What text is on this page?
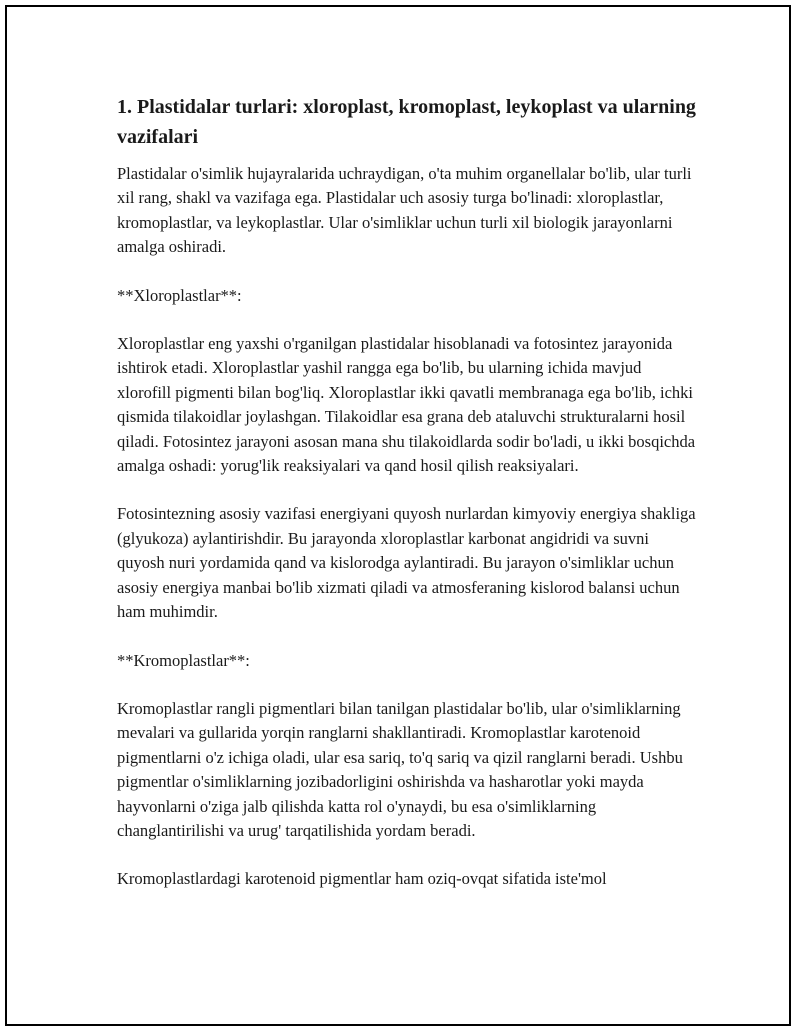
1. Plastidalar turlari: xloroplast, kromoplast, leykoplast va ularning vazifalari

Plastidalar o'simlik hujayralarida uchraydigan, o'ta muhim organellalar bo'lib, ular turli xil rang, shakl va vazifaga ega. Plastidalar uch asosiy turga bo'linadi: xloroplastlar, kromoplastlar, va leykoplastlar. Ular o'simliklar uchun turli xil biologik jarayonlarni amalga oshiradi.

**Xloroplastlar**:

Xloroplastlar eng yaxshi o'rganilgan plastidalar hisoblanadi va fotosintez jarayonida ishtirok etadi. Xloroplastlar yashil rangga ega bo'lib, bu ularning ichida mavjud xlorofill pigmenti bilan bog'liq. Xloroplastlar ikki qavatli membranaga ega bo'lib, ichki qismida tilakoidlar joylashgan. Tilakoidlar esa grana deb ataluvchi strukturalarni hosil qiladi. Fotosintez jarayoni asosan mana shu tilakoidlarda sodir bo'ladi, u ikki bosqichda amalga oshadi: yorug'lik reaksiyalari va qand hosil qilish reaksiyalari.

Fotosintezning asosiy vazifasi energiyani quyosh nurlardan kimyoviy energiya shakliga (glyukoza) aylantirishdir. Bu jarayonda xloroplastlar karbonat angidridi va suvni quyosh nuri yordamida qand va kislorodga aylantiradi. Bu jarayon o'simliklar uchun asosiy energiya manbai bo'lib xizmati qiladi va atmosferaning kislorod balansi uchun ham muhimdir.

**Kromoplastlar**:

Kromoplastlar rangli pigmentlari bilan tanilgan plastidalar bo'lib, ular o'simliklarning mevalari va gullarida yorqin ranglarni shakllantiradi. Kromoplastlar karotenoid pigmentlarni o'z ichiga oladi, ular esa sariq, to'q sariq va qizil ranglarni beradi. Ushbu pigmentlar o'simliklarning jozibadorligini oshirishda va hasharotlar yoki mayda hayvonlarni o'ziga jalb qilishda katta rol o'ynaydi, bu esa o'simliklarning changlantirilishi va urug' tarqatilishida yordam beradi.

Kromoplastlardagi karotenoid pigmentlar ham oziq-ovqat sifatida iste'mol
